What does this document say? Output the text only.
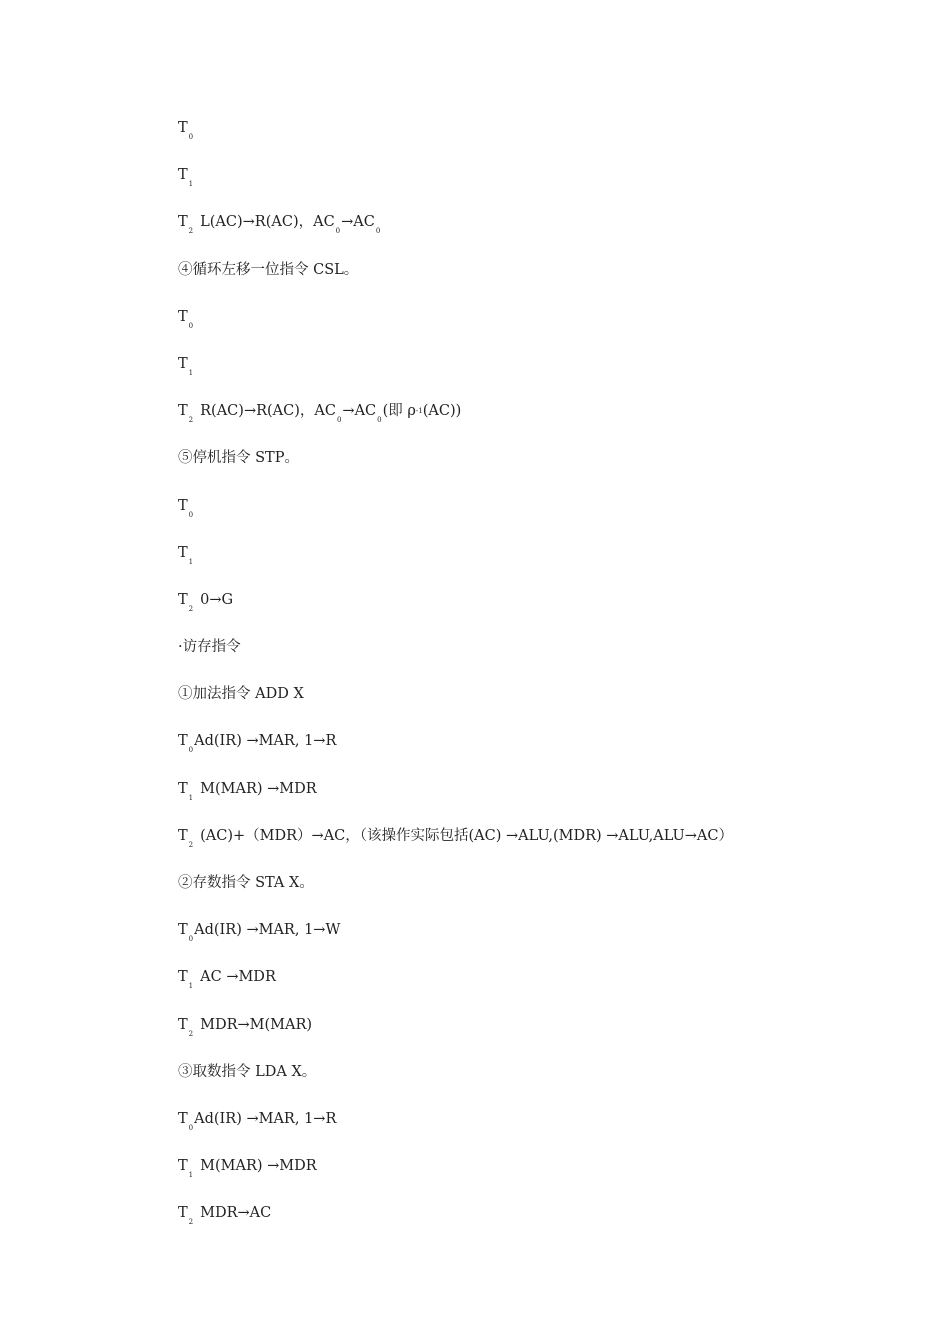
$T_0$
$T_1$
$T_2L(AC)\to R(AC)$，$AC_0\to AC_0$
④循环左移一位指令 CSL。
$T_0$
$T_1$
$T_2R(AC)\to R(AC)$，$AC_0\to AC_0$(即 ρ-1(AC))
⑤停机指令 STP。
$T_0$
$T_1$
$T_20\to G$
·访存指令
①加法指令 ADD X
$T_0Ad(IR) \to MAR$, 1→R
$T_1M(MAR) \to MDR$
$T_2(AC)+(MDR)\to AC$，（该操作实际包括(AC) →ALU,(MDR) →ALU,ALU→AC）
②存数指令 STA X。
$T_0Ad(IR) \to MAR$, 1→W
$T_1AC \to MDR$
$T_2MDR\to M(MAR)$
③取数指令 LDA X。
$T_0Ad(IR) \to MAR$, 1→R
$T_1M(MAR) \to MDR$
$T_2MDR\to AC$
